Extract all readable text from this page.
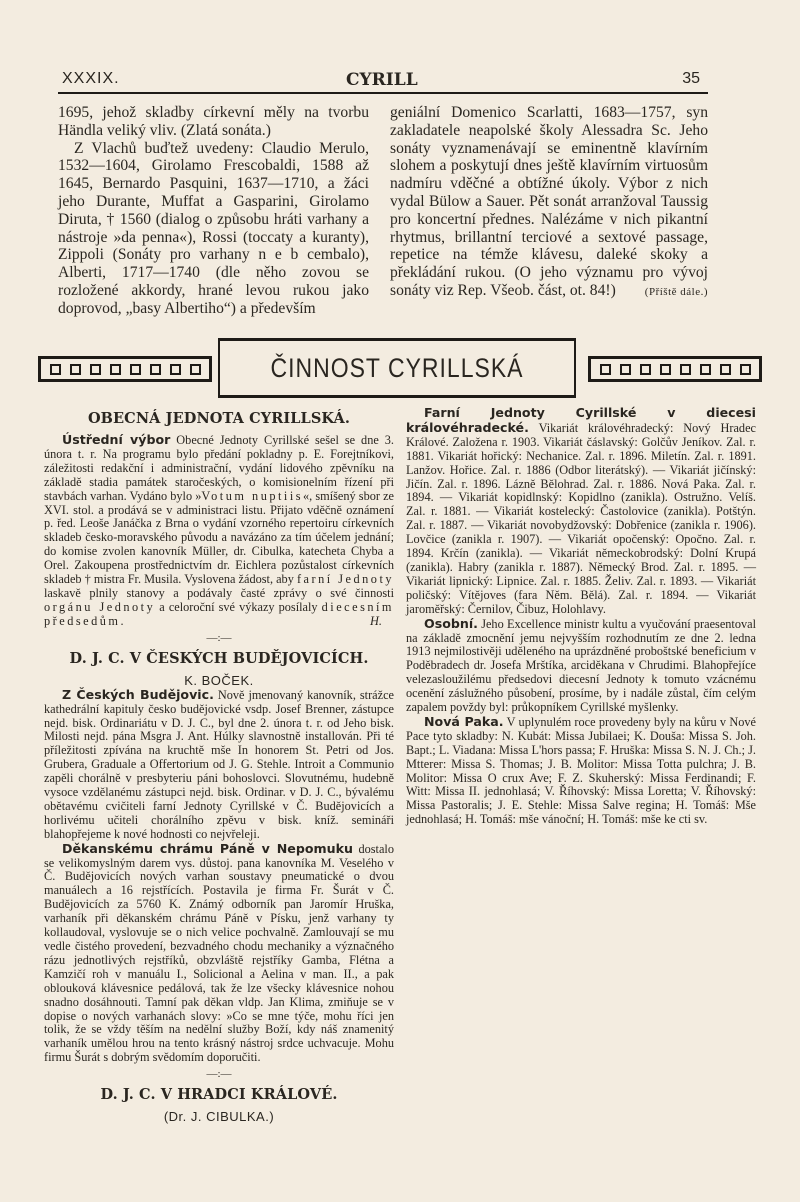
XXXIX.	CYRILL	35

1695, jehož skladby církevní měly na tvorbu Händla veliký vliv. (Zlatá sonáta.)

Z Vlachů buďtež uvedeny: Claudio Merulo, 1532—1604, Girolamo Frescobaldi, 1588 až 1645, Bernardo Pasquini, 1637—1710, a žáci jeho Durante, Muffat a Gasparini, Girolamo Diruta, † 1560 (dialog o způsobu hráti varhany a nástroje »da penna«), Rossi (toccaty a kuranty), Zippoli (Sonáty pro varhany n e b cembalo), Alberti, 1717—1740 (dle něho zovou se rozložené akkordy, hrané levou rukou jako doprovod, „basy Albertiho“) a především

geniální Domenico Scarlatti, 1683—1757, syn zakladatele neapolské školy Alessadra Sc. Jeho sonáty vyznamenávají se eminentně klavírním slohem a poskytují dnes ještě klavírním virtuosům nadmíru vděčné a obtížné úkoly. Výbor z nich vydal Bülow a Sauer. Pět sonát arranžoval Taussig pro koncertní přednes. Nalézáme v nich pikantní rhytmus, brillantní terciové a sextové passage, repetice na témže klávesu, daleké skoky a překládání rukou. (O jeho významu pro vývoj sonáty viz Rep. Všeob. část, ot. 84!)	(Příště dále.)

ČINNOST CYRILLSKÁ
OBECNÁ JEDNOTA CYRILLSKÁ.

Ústřední výbor Obecné Jednoty Cyrillské sešel se dne 3. února t. r. Na programu bylo předání pokladny p. E. Forejtníkovi, záležitosti redakční i administrační, vydání lidového zpěvníku na základě stadia památek staročeských, o komisionelním řízení při stavbách varhan. Vydáno bylo »Votum nuptiis«, smíšený sbor ze XVI. stol. a prodává se v administraci listu. Přijato vděčně oznámení p. řed. Leoše Janáčka z Brna o vydání vzorného repertoiru církevních skladeb česko-moravského původu a navázáno za tím účelem jednání; do komise zvolen kanovník Müller, dr. Cibulka, katecheta Chyba a Orel. Zakoupena prostřednictvím dr. Eichlera pozůstalost církevních skladeb † mistra Fr. Musila. Vyslovena žádost, aby farní Jednoty laskavě plnily stanovy a podávaly časté zprávy o své činnosti orgánu Jednoty a celoroční své výkazy posílaly diecesním předsedům.	H.

—:—
D. J. C. V ČESKÝCH BUDĚJOVICÍCH.
K. BOČEK.

Z Českých Budějovic. Nově jmenovaný kanovník, strážce kathedrální kapituly česko budějovické vsdp. Josef Brenner, zástupce nejd. bisk. Ordinariátu v D. J. C., byl dne 2. února t. r. od Jeho bisk. Milosti nejd. pána Msgra J. Ant. Húlky slavnostně installován. Při té příležitosti zpívána na kruchtě mše In honorem St. Petri od Jos. Grubera, Graduale a Offertorium od J. G. Stehle. Introit a Communio zapěli chorálně v presbyteriu páni bohoslovci. Slovutnému, hudebně vysoce vzdělanému zástupci nejd. bisk. Ordinar. v D. J. C., bývalému obětavému cvičiteli farní Jednoty Cyrillské v Č. Budějovicích a horlivému učiteli chorálního zpěvu v bisk. kníž. semináři blahopřejeme k nové hodnosti co nejvřeleji.

Děkanskému chrámu Páně v Nepomuku dostalo se velikomyslným darem vys. důstoj. pana kanovníka M. Veselého v Č. Budějovicích nových varhan soustavy pneumatické o dvou manuálech a 16 rejstřících. Postavila je firma Fr. Šurát v Č. Budějovicích za 5760 K. Známý odborník pan Jaromír Hruška, varhaník při děkanském chrámu Páně v Písku, jenž varhany ty kollaudoval, vyslovuje se o nich velice pochvalně. Zamlouvají se mu vedle čistého provedení, bezvadného chodu mechaniky a význačného rázu jednotlivých rejstříků, obzvláště rejstříky Gamba, Flétna a Kamzičí roh v manuálu I., Solicional a Aelina v man. II., a pak oblouková klávesnice pedálová, tak že lze všecky klávesnice nohou snadno dosáhnouti. Tamní pak děkan vldp. Jan Klima, zmiňuje se v dopise o nových varhanách slovy: »Co se mne týče, mohu říci jen tolik, že se vždy těším na nedělní služby Boží, kdy náš znamenitý varhaník umělou hrou na tento krásný nástroj srdce uchvacuje. Mohu firmu Šurát s dobrým svědomím doporučiti.

—:—
D. J. C. V HRADCI KRÁLOVÉ.
(Dr. J. CIBULKA.)

Farní Jednoty Cyrillské v diecesi královéhradecké. Vikariát královéhradecký: Nový Hradec Králové. Založena r. 1903. Vikariát čáslavský: Golčův Jeníkov. Zal. r. 1881. Vikariát hořický: Nechanice. Zal. r. 1896. Miletín. Zal. r. 1891. Lanžov. Hořice. Zal. r. 1886 (Odbor literátský). — Vikariát jičínský: Jičín. Zal. r. 1896. Lázně Bělohrad. Zal. r. 1886. Nová Paka. Zal. r. 1894. — Vikariát kopidlnský: Kopidlno (zanikla). Ostružno. Velíš. Zal. r. 1881. — Vikariát kostelecký: Častolovice (zanikla). Potštýn. Zal. r. 1887. — Vikariát novobydžovský: Dobřenice (zanikla r. 1906). Lovčice (zanikla r. 1907). — Vikariát opočenský: Opočno. Zal. r. 1894. Krčín (zanikla). — Vikariát německobrodský: Dolní Krupá (zanikla). Habry (zanikla r. 1887). Německý Brod. Zal. r. 1895. — Vikariát lipnický: Lipnice. Zal. r. 1885. Želiv. Zal. r. 1893. — Vikariát poličský: Vítějoves (fara Něm. Bělá). Zal. r. 1894. — Vikariát jaroměřský: Černilov, Čibuz, Holohlavy.

Osobní. Jeho Excellence ministr kultu a vyučování praesentoval na základě zmocnění jemu nejvyšším rozhodnutím ze dne 2. ledna 1913 nejmilostivěji uděleného na uprázdněné proboštské beneficium v Poděbradech dr. Josefa Mrštíka, arciděkana v Chrudimi. Blahopřejíce velezasloužilému předsedovi diecesní Jednoty k tomuto vzácnému ocenění záslužného působení, prosíme, by i nadále zůstal, čím celým zapalem povždy byl: průkopníkem Cyrillské myšlenky.

Nová Paka. V uplynulém roce provedeny byly na kůru v Nové Pace tyto skladby: N. Kubát: Missa Jubilaei; K. Douša: Missa S. Joh. Bapt.; L. Viadana: Missa L'hors passa; F. Hruška: Missa S. N. J. Ch.; J. Mtterer: Missa S. Thomas; J. B. Molitor: Missa Totta pulchra; J. B. Molitor: Missa O crux Ave; F. Z. Skuherský: Missa Ferdinandi; F. Witt: Missa II. jednohlasá; V. Říhovský: Missa Loretta; V. Říhovský: Missa Pastoralis; J. E. Stehle: Missa Salve regina; H. Tomáš: Mše jednohlasá; H. Tomáš: mše vánoční; H. Tomáš: mše ke cti sv.
